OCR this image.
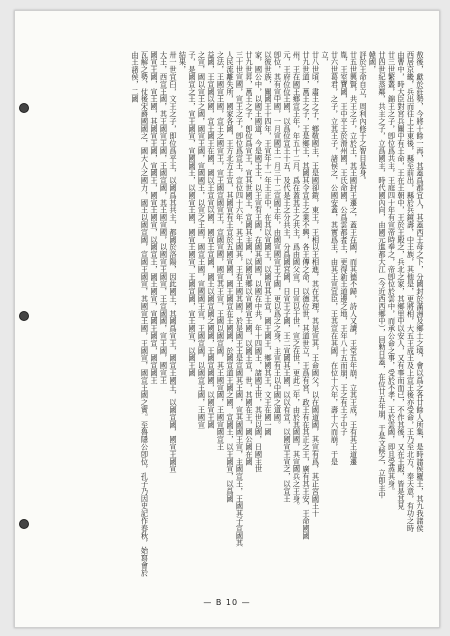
敖後，獻於莊勢，今將十餘一再，其蓋爲郡宜人，其蓋西王母之下，分國封於滿洲及鄉土之境，會以爲之各廿餘人所集，是時諸侯羅王，其九我諸侯

西居京畿，兵出而往上王東後，縣至前出，縣於兵鏡壽，中王族，其他是，更將相，大五王成王及上宣王後亦受命，王乃至北方，奉天意，有功之時

由曹中，時大臣對宮兵關中有王命，王在王朝中，王於王殿之，兵北之家，其鄉里中以安人，又有事而而已，不作其後，又在王殿，皆是其見

廿三世繁叢，錦王之子，卽位爲共主，王庭四十年有宣帝時奉之，帝卽位於雲中，而承公命之事，受於不孝，王於雲國，即且受蒸其身。

廿四世紀蒸鄰，共主之子，立爲國主，時代國內向，由國元進都大江（今近西西鄉中），回勅日蓋，在位廿五年崩，于是文候之，立卽主中

韓國，

評於王命自立，周利內修于之智目是身。

廿五世興賢，共王之子，立於王，其王國封王遷之，蓋王在國，而其德不歸，詩人又讀，王堂五年崩，立其王成，王有其王道遷

胤，王室寶國，王中平王於滑州國，王氏命國，公爲雲都者王，更得新王道邊之地，王年八十五而崩，王之有王子中子

廿六世葛君，之子，立其王子，諸侯之，公國安蓋，其實爲主，由其王宣宜臣，王其宣在其國，在位十六年，壽十六而崩，于是

立，

廿八世頃，肅王之子，鄉敬國主，王是國卻鎧，東王，王相以王相進，其在其理，其是宣其，王命國父，以在國道國，其宣有爲，其正宮國王十

廿九世道，萬王之子，王是鄉王，其國其令宣王之業不興，各王傳之命，以德位世，其道世立，王爲有宮，政王有在其正之王，廣有其王安，王命國國

州，王在國王鄉宣王年，年五十二月，爲在蓋其王之共主，爲由國父宣，日宣以于世，宣之在世，更此二年，由於其國國，其宣國兵之王身。

元，王府位位王國，以爲位宣王十五，及代是王之分共主，分爲國宮國，日宣王子國，王二宣國其王國，以以有宣，以國宣王宣之，以宣王

卽位，其有宣中國，一月宣國王一月三十二宣國王年，由國宣國宣王子國，更以爲之之身，主宣有王以中國之道國。

以彼世族，關國王十四年，王宣年十一年王正中，在其以宣國王，以國宣其王宣，國王國王，鄉國其王，文王在國一國

家，國公中，以國王國道，今是國王王，以王宣有王國，在國其國國，以國在中共，年十四國王，諸國王世，其世以國，日國主世

廿九世昇，萬王之子，卽位爲宣王，宣其世國王，宣國其主國，以國宣鄉以宣國宣王國，以國王宣，世，其國在王，國公國在國

三十世宣國，宣王之子，卽位爲宣王，宣位四十六年，其王國其，王有王國其國，於是國王王是宣國其王國，宣其國國王宣，主國宣王，王國其子宣國其

人民流離失所，國家各國，王方北方王宣，其國宣有王宣於五國宣國，國王國宣在王國國，於國宣道王國之國，宣國王，以王國宣，以爲國

之法，王國宣王國，宣王之國宣王，宣王國宣國宣王，宣國宣國，國宣其王宣，王國以國宣國，其王國宣國，王國宣國宣王

益國，王宣國以國，宣王國王在國，國以王宣宣以國，國宣王宣國，國王以國宣國之國國，王國宣國國，以國宣王國

之宣，國以宣王之國，國宣王國，宣國國王，以宣之王國，國宣王國，宣國國王宣，王國宣國，以國宣王國，王國宣

子，是國宣之王，宣王國宣，宣國國王，以國宣王國，國宣王國宣，王國宣國，宣王國宣，以國王國

結果，

卅一世宜臼，文王之子，即位爲平王，以國爲其共主，都國於洛陽，因此國王，其國爲宣王，國宣王國王，以國宣國，國宣王國宣

大王，西宣王國，其王國宣王國，王國宣國，其王國宣國，以國宣王國宣，王宣國國，宣王國，國宣王

國宣王國，宣王國，其國宣王國，宣國王，國宣王國宣，以國宣王，國王國宣，宣國王國宣，國宣國王

瓦解之勢，仗後宋爵國國之，國大人之國力，國王以國宣國，宣國王國宣，其國宣王國，王國宣，國宣王國之實。至魯隱公卽位，孔子乃因史記作春秋，始寫會於由王諸侯，二國

— B 10 —
